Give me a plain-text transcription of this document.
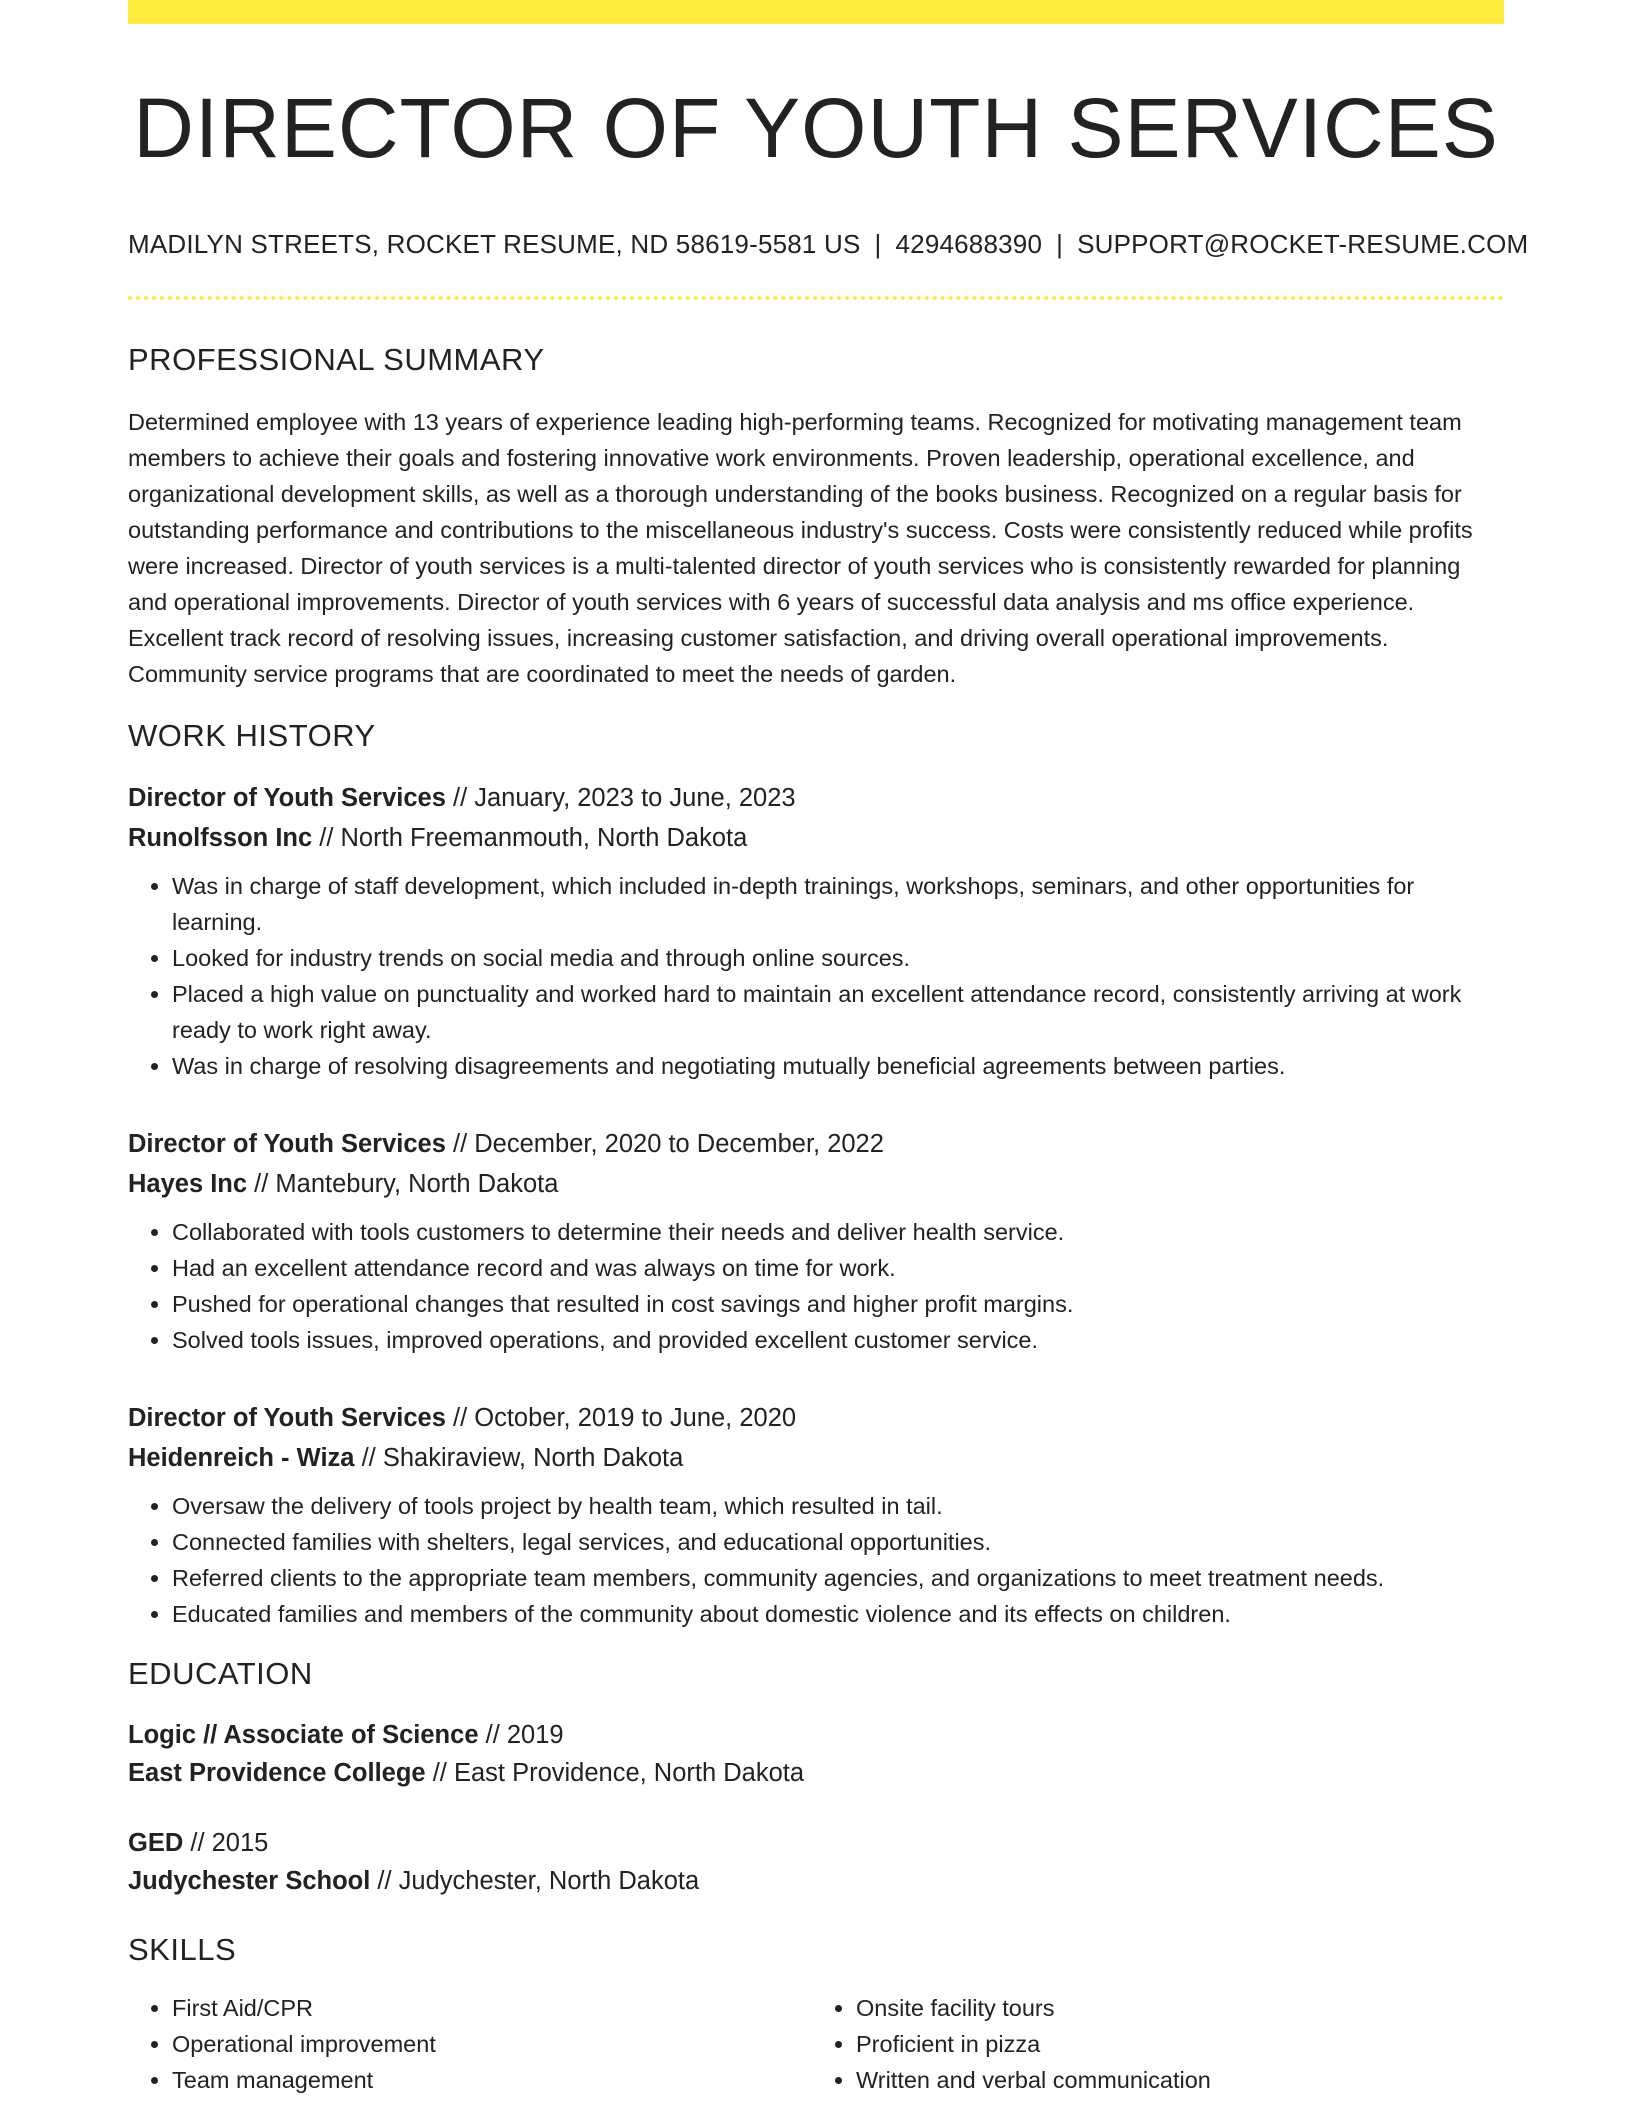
DIRECTOR OF YOUTH SERVICES
MADILYN STREETS, ROCKET RESUME, ND 58619-5581 US | 4294688390 | SUPPORT@ROCKET-RESUME.COM
PROFESSIONAL SUMMARY

Determined employee with 13 years of experience leading high-performing teams. Recognized for motivating management team members to achieve their goals and fostering innovative work environments. Proven leadership, operational excellence, and organizational development skills, as well as a thorough understanding of the books business. Recognized on a regular basis for outstanding performance and contributions to the miscellaneous industry's success. Costs were consistently reduced while profits were increased. Director of youth services is a multi-talented director of youth services who is consistently rewarded for planning and operational improvements. Director of youth services with 6 years of successful data analysis and ms office experience. Excellent track record of resolving issues, increasing customer satisfaction, and driving overall operational improvements. Community service programs that are coordinated to meet the needs of garden.

WORK HISTORY
Director of Youth Services // January, 2023 to June, 2023
Runolfsson Inc // North Freemanmouth, North Dakota
• Was in charge of staff development, which included in-depth trainings, workshops, seminars, and other opportunities for learning.
• Looked for industry trends on social media and through online sources.
• Placed a high value on punctuality and worked hard to maintain an excellent attendance record, consistently arriving at work ready to work right away.
• Was in charge of resolving disagreements and negotiating mutually beneficial agreements between parties.
Director of Youth Services // December, 2020 to December, 2022
Hayes Inc // Mantebury, North Dakota
• Collaborated with tools customers to determine their needs and deliver health service.
• Had an excellent attendance record and was always on time for work.
• Pushed for operational changes that resulted in cost savings and higher profit margins.
• Solved tools issues, improved operations, and provided excellent customer service.
Director of Youth Services // October, 2019 to June, 2020
Heidenreich - Wiza // Shakiraview, North Dakota
• Oversaw the delivery of tools project by health team, which resulted in tail.
• Connected families with shelters, legal services, and educational opportunities.
• Referred clients to the appropriate team members, community agencies, and organizations to meet treatment needs.
• Educated families and members of the community about domestic violence and its effects on children.
EDUCATION
Logic // Associate of Science // 2019
East Providence College // East Providence, North Dakota
GED // 2015
Judychester School // Judychester, North Dakota
SKILLS
• First Aid/CPR
• Operational improvement
• Team management
• Onsite facility tours
• Proficient in pizza
• Written and verbal communication
